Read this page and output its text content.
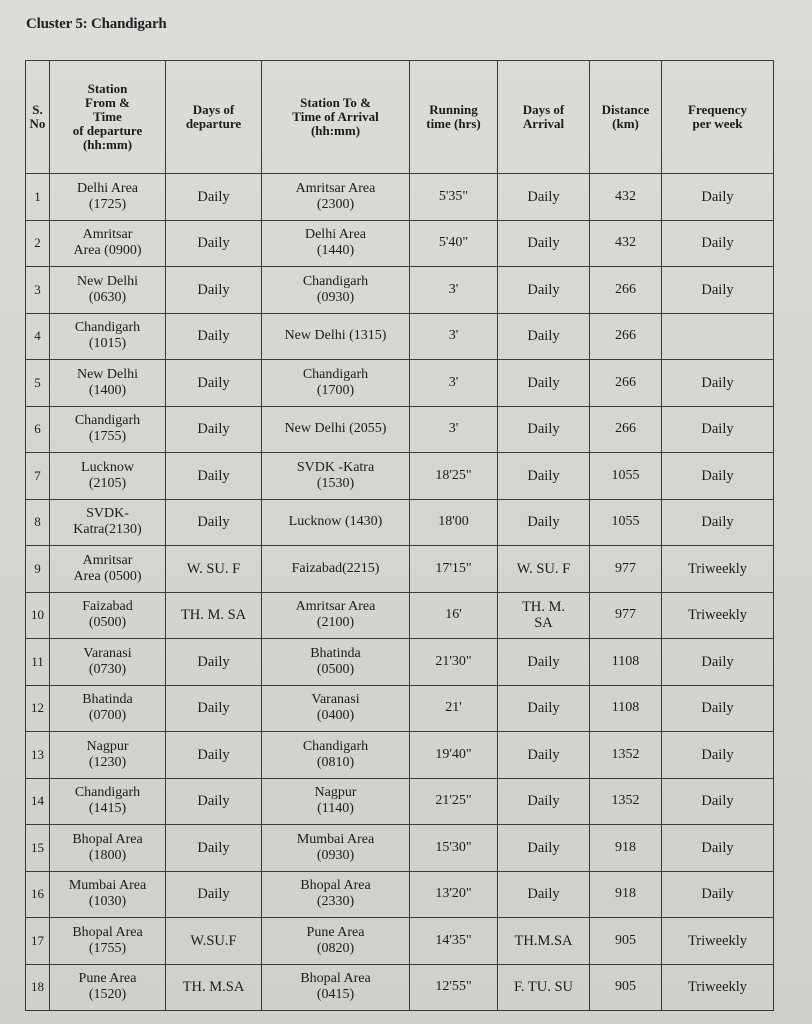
Cluster 5: Chandigarh
S.
No	Station
From &
Time
of departure
(hh:mm)	Days of
departure	Station To &
Time of Arrival
(hh:mm)	Running
time (hrs)	Days of
Arrival	Distance
(km)	Frequency
per week
1	Delhi Area
(1725)	Daily	Amritsar Area
(2300)	5'35"	Daily	432	Daily
2	Amritsar
Area (0900)	Daily	Delhi Area
(1440)	5'40"	Daily	432	Daily
3	New Delhi
(0630)	Daily	Chandigarh
(0930)	3'	Daily	266	Daily
4	Chandigarh
(1015)	Daily	New Delhi (1315)	3'	Daily	266	
5	New Delhi
(1400)	Daily	Chandigarh
(1700)	3'	Daily	266	Daily
6	Chandigarh
(1755)	Daily	New Delhi (2055)	3'	Daily	266	Daily
7	Lucknow
(2105)	Daily	SVDK -Katra
(1530)	18'25"	Daily	1055	Daily
8	SVDK-
Katra(2130)	Daily	Lucknow (1430)	18'00	Daily	1055	Daily
9	Amritsar
Area (0500)	W. SU. F	Faizabad(2215)	17'15"	W. SU. F	977	Triweekly
10	Faizabad
(0500)	TH. M. SA	Amritsar Area
(2100)	16'	TH. M.
SA	977	Triweekly
11	Varanasi
(0730)	Daily	Bhatinda
(0500)	21'30"	Daily	1108	Daily
12	Bhatinda
(0700)	Daily	Varanasi
(0400)	21'	Daily	1108	Daily
13	Nagpur
(1230)	Daily	Chandigarh
(0810)	19'40"	Daily	1352	Daily
14	Chandigarh
(1415)	Daily	Nagpur
(1140)	21'25"	Daily	1352	Daily
15	Bhopal Area
(1800)	Daily	Mumbai Area
(0930)	15'30"	Daily	918	Daily
16	Mumbai Area
(1030)	Daily	Bhopal Area
(2330)	13'20"	Daily	918	Daily
17	Bhopal Area
(1755)	W.SU.F	Pune Area
(0820)	14'35"	TH.M.SA	905	Triweekly
18	Pune Area
(1520)	TH. M.SA	Bhopal Area
(0415)	12'55"	F. TU. SU	905	Triweekly
